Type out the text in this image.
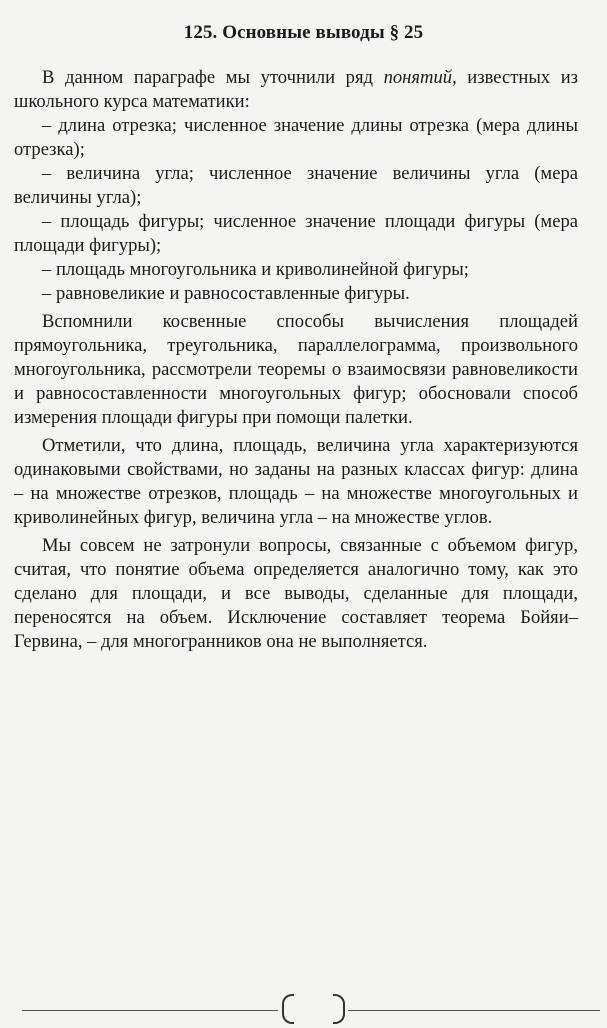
125. Основные выводы § 25

В данном параграфе мы уточнили ряд понятий, известных из школьного курса математики:

– длина отрезка; численное значение длины отрезка (мера длины отрезка);

– величина угла; численное значение величины угла (мера величины угла);

– площадь фигуры; численное значение площади фигуры (мера площади фигуры);

– площадь многоугольника и криволинейной фигуры;

– равновеликие и равносоставленные фигуры.

Вспомнили косвенные способы вычисления площадей прямоугольника, треугольника, параллелограмма, произвольного многоугольника, рассмотрели теоремы о взаимосвязи равновеликости и равносоставленности многоугольных фигур; обосновали способ измерения площади фигуры при помощи палетки.

Отметили, что длина, площадь, величина угла характеризуются одинаковыми свойствами, но заданы на разных классах фигур: длина – на множестве отрезков, площадь – на множестве многоугольных и криволинейных фигур, величина угла – на множестве углов.

Мы совсем не затронули вопросы, связанные с объемом фигур, считая, что понятие объема определяется аналогично тому, как это сделано для площади, и все выводы, сделанные для площади, переносятся на объем. Исключение составляет теорема Бойяи–Гервина, – для многогранников она не выполняется.
